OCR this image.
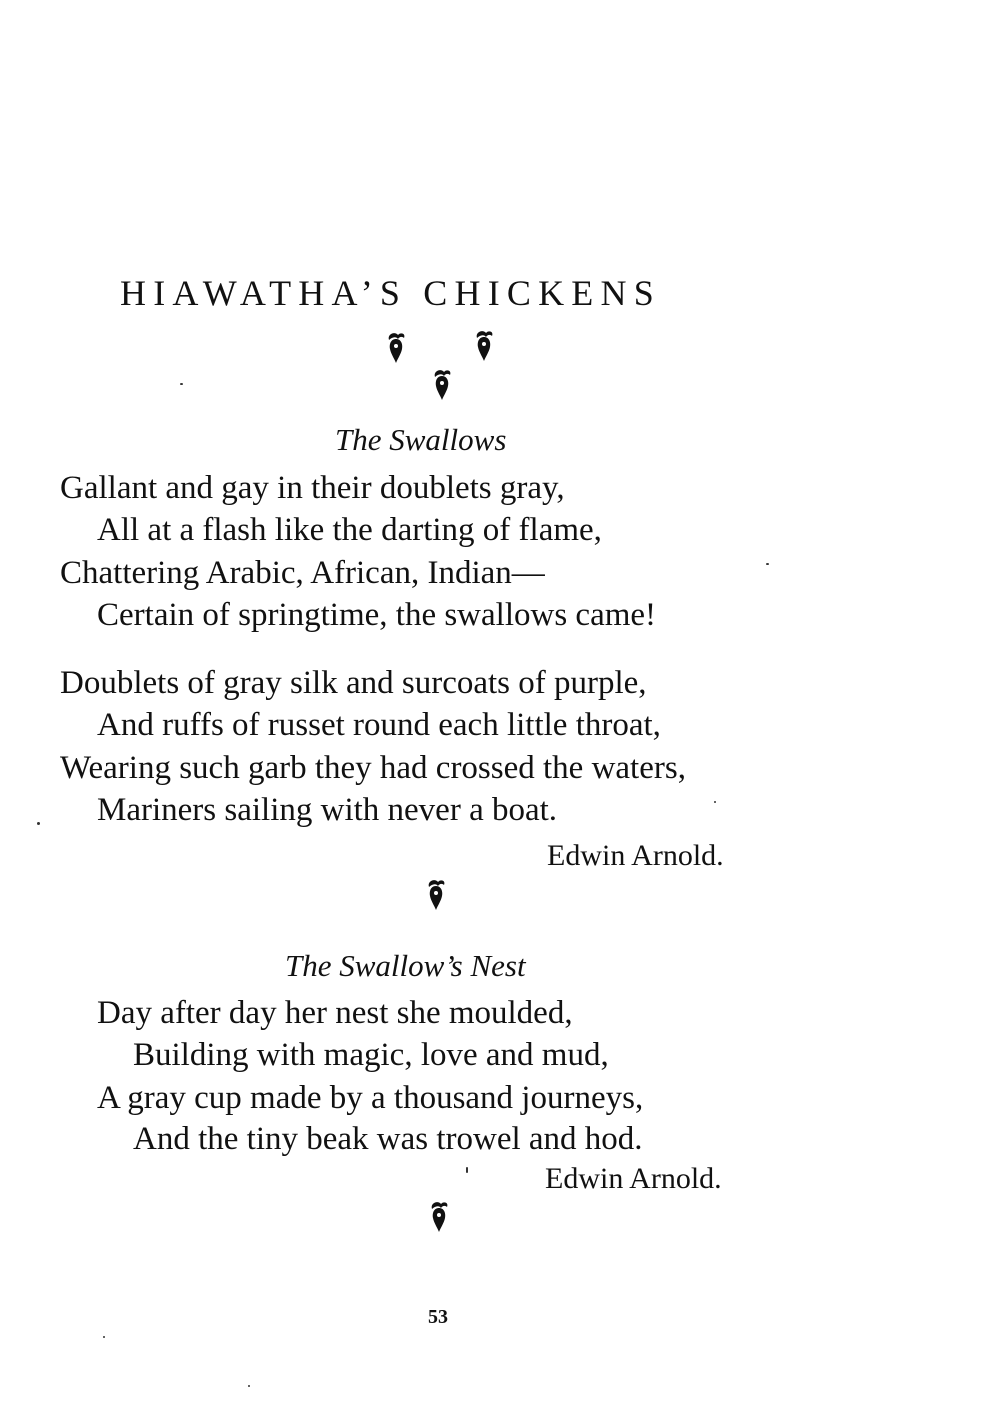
HIAWATHA’S CHICKENS
The Swallows
Gallant and gay in their doublets gray,
All at a flash like the darting of flame,
Chattering Arabic, African, Indian—
Certain of springtime, the swallows came!
Doublets of gray silk and surcoats of purple,
And ruffs of russet round each little throat,
Wearing such garb they had crossed the waters,
Mariners sailing with never a boat.
Edwin Arnold.
The Swallow’s Nest
Day after day her nest she moulded,
Building with magic, love and mud,
A gray cup made by a thousand journeys,
And the tiny beak was trowel and hod.
Edwin Arnold.
53
